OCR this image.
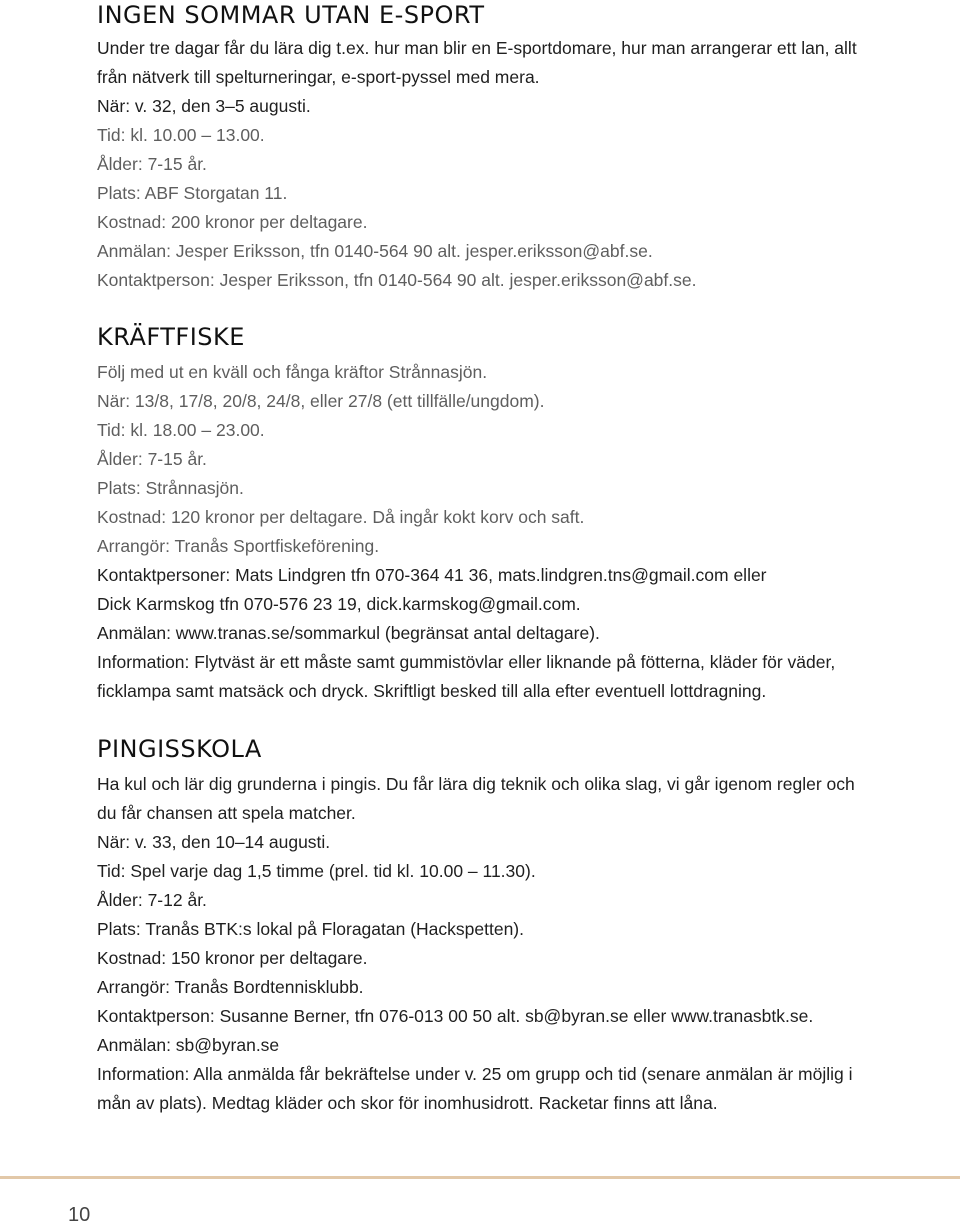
INGEN SOMMAR UTAN E-SPORT
Under tre dagar får du lära dig t.ex. hur man blir en E-sportdomare, hur man arrangerar ett lan, allt
från nätverk till spelturneringar, e-sport-pyssel med mera.
När: v. 32, den 3–5 augusti.
Tid: kl. 10.00 – 13.00.
Ålder: 7-15 år.
Plats: ABF Storgatan 11.
Kostnad: 200 kronor per deltagare.
Anmälan: Jesper Eriksson, tfn 0140-564 90 alt. jesper.eriksson@abf.se.
Kontaktperson: Jesper Eriksson, tfn 0140-564 90 alt. jesper.eriksson@abf.se.
KRÄFTFISKE
Följ med ut en kväll och fånga kräftor Strånnasjön.
När: 13/8, 17/8, 20/8, 24/8, eller 27/8 (ett tillfälle/ungdom).
Tid: kl. 18.00 – 23.00.
Ålder: 7-15 år.
Plats: Strånnasjön.
Kostnad: 120 kronor per deltagare. Då ingår kokt korv och saft.
Arrangör: Tranås Sportfiskeförening.
Kontaktpersoner: Mats Lindgren tfn 070-364 41 36, mats.lindgren.tns@gmail.com eller
Dick Karmskog tfn 070-576 23 19, dick.karmskog@gmail.com.
Anmälan: www.tranas.se/sommarkul (begränsat antal deltagare).
Information: Flytväst är ett måste samt gummistövlar eller liknande på fötterna, kläder för väder,
ficklampa samt matsäck och dryck. Skriftligt besked till alla efter eventuell lottdragning.
PINGISSKOLA
Ha kul och lär dig grunderna i pingis. Du får lära dig teknik och olika slag, vi går igenom regler och
du får chansen att spela matcher.
När: v. 33, den 10–14 augusti.
Tid: Spel varje dag 1,5 timme (prel. tid kl. 10.00 – 11.30).
Ålder: 7-12 år.
Plats: Tranås BTK:s lokal på Floragatan (Hackspetten).
Kostnad: 150 kronor per deltagare.
Arrangör: Tranås Bordtennisklubb.
Kontaktperson: Susanne Berner, tfn 076-013 00 50 alt. sb@byran.se eller www.tranasbtk.se.
Anmälan: sb@byran.se
Information: Alla anmälda får bekräftelse under v. 25 om grupp och tid (senare anmälan är möjlig i
mån av plats). Medtag kläder och skor för inomhusidrott. Racketar finns att låna.
10
